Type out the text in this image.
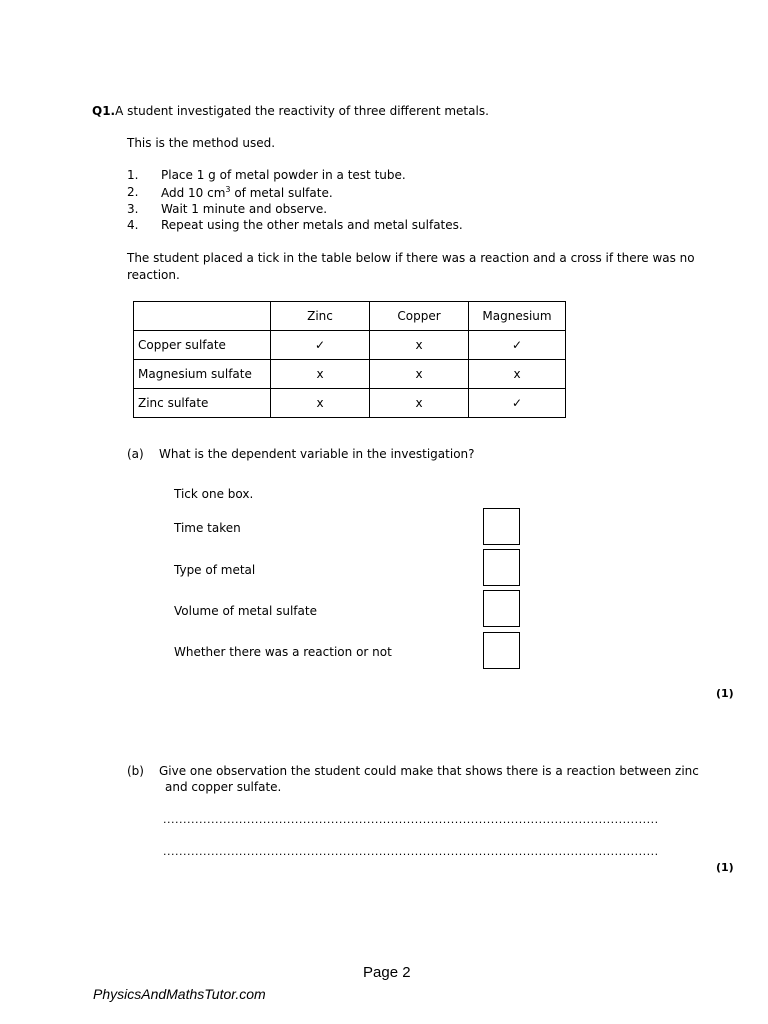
Q1.A student investigated the reactivity of three different metals.
This is the method used.
1. Place 1 g of metal powder in a test tube.
2. Add 10 $cm^3$ of metal sulfate.
3. Wait 1 minute and observe.
4. Repeat using the other metals and metal sulfates.
The student placed a tick in the table below if there was a reaction and a cross if there was no
reaction.
	Zinc	Copper	Magnesium
Copper sulfate	✓	x	✓
Magnesium sulfate	x	x	x
Zinc sulfate	x	x	✓
(a) What is the dependent variable in the investigation?
Tick one box.
Time taken
Type of metal
Volume of metal sulfate
Whether there was a reaction or not
(1)
(b) Give one observation the student could make that shows there is a reaction between zinc
and copper sulfate.
............................................................................................................................
............................................................................................................................
(1)
Page 2
PhysicsAndMathsTutor.com
